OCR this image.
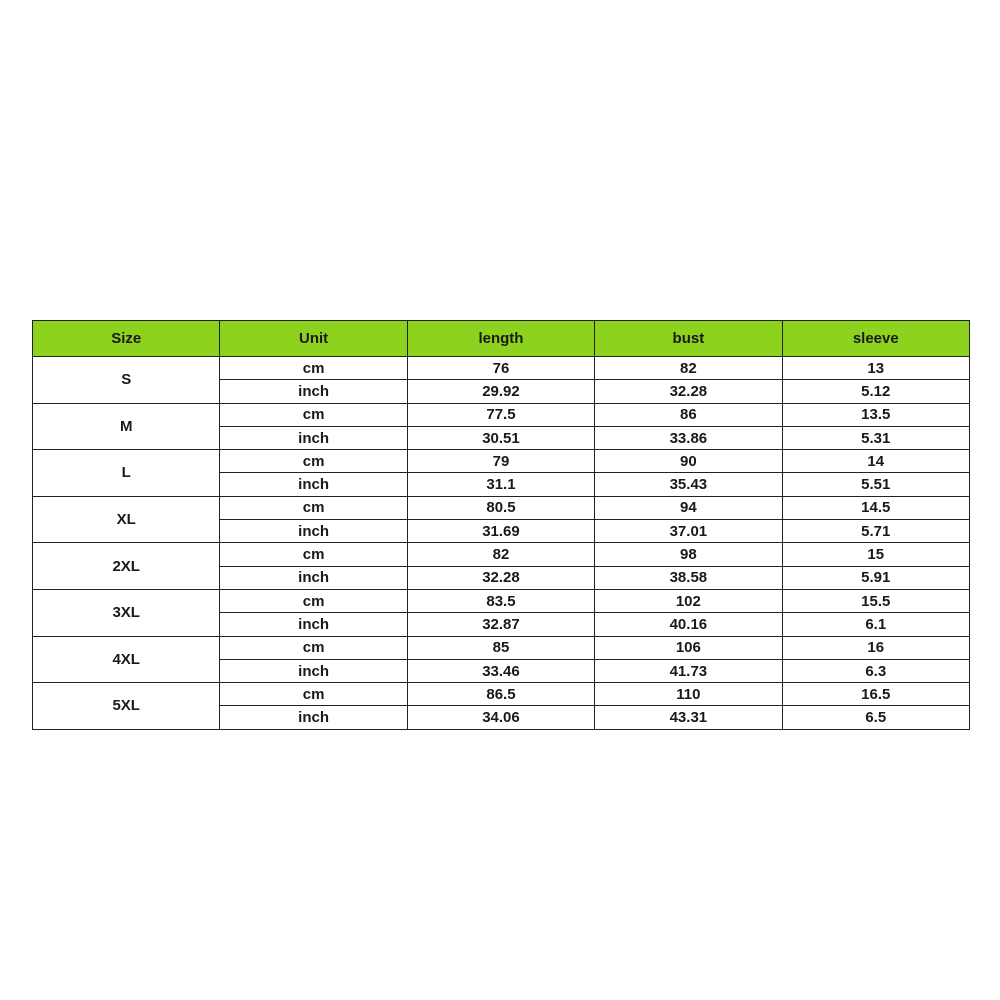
Size	Unit	length	bust	sleeve
S	cm	76	82	13
	inch	29.92	32.28	5.12
M	cm	77.5	86	13.5
	inch	30.51	33.86	5.31
L	cm	79	90	14
	inch	31.1	35.43	5.51
XL	cm	80.5	94	14.5
	inch	31.69	37.01	5.71
2XL	cm	82	98	15
	inch	32.28	38.58	5.91
3XL	cm	83.5	102	15.5
	inch	32.87	40.16	6.1
4XL	cm	85	106	16
	inch	33.46	41.73	6.3
5XL	cm	86.5	110	16.5
	inch	34.06	43.31	6.5
